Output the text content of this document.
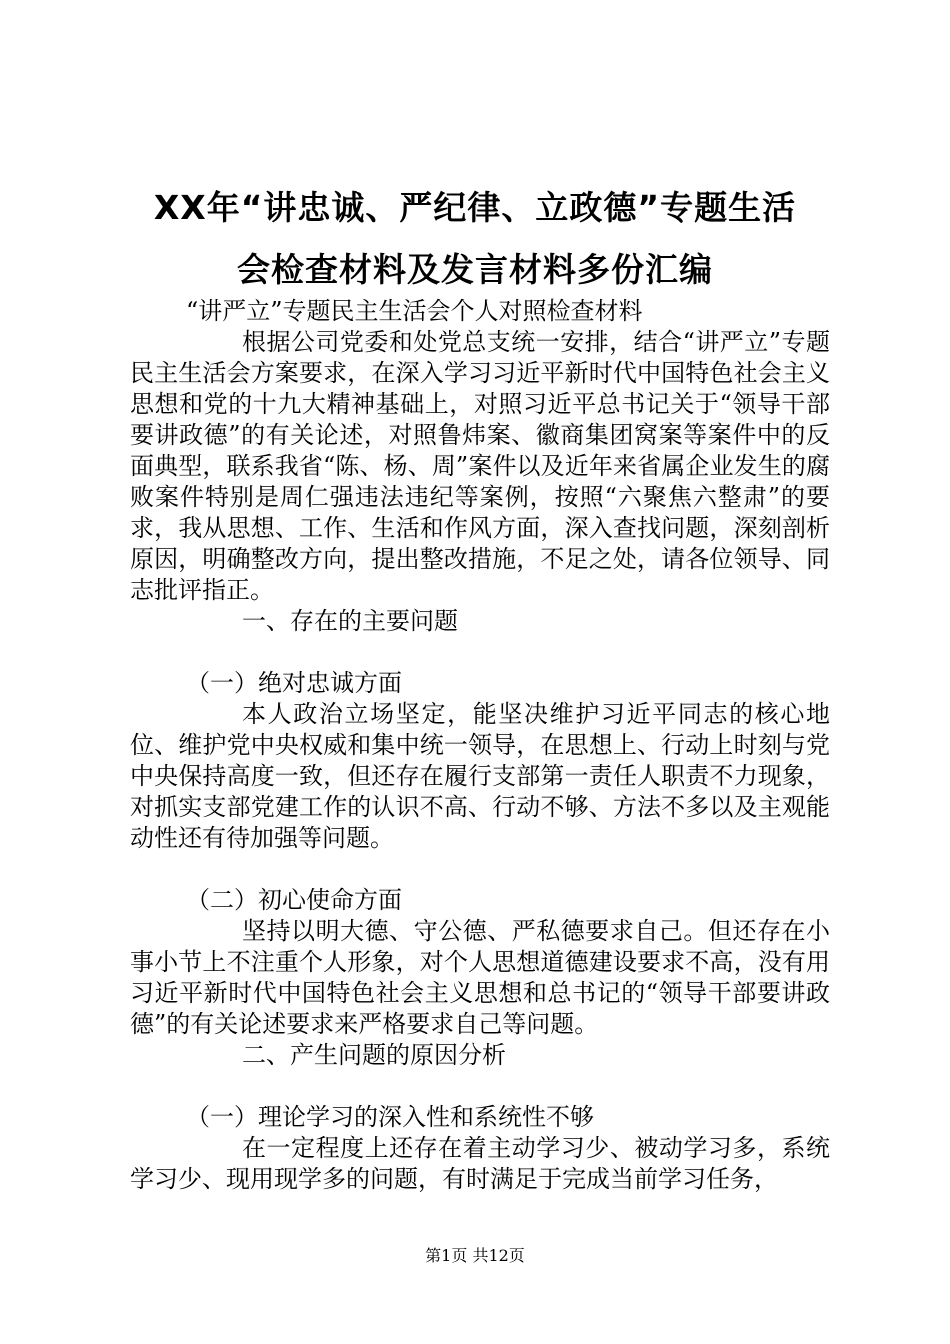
XX年“讲忠诚、严纪律、立政德”专题生活
会检查材料及发言材料多份汇编

“讲严立”专题民主生活会个人对照检查材料

根据公司党委和处党总支统一安排，结合“讲严立”专题民主生活会方案要求，在深入学习习近平新时代中国特色社会主义思想和党的十九大精神基础上，对照习近平总书记关于“领导干部要讲政德”的有关论述，对照鲁炜案、徽商集团窝案等案件中的反面典型，联系我省“陈、杨、周”案件以及近年来省属企业发生的腐败案件特别是周仁强违法违纪等案例，按照“六聚焦六整肃”的要求，我从思想、工作、生活和作风方面，深入查找问题，深刻剖析原因，明确整改方向，提出整改措施，不足之处，请各位领导、同志批评指正。

一、存在的主要问题

（一）绝对忠诚方面

本人政治立场坚定，能坚决维护习近平同志的核心地位、维护党中央权威和集中统一领导，在思想上、行动上时刻与党中央保持高度一致，但还存在履行支部第一责任人职责不力现象，对抓实支部党建工作的认识不高、行动不够、方法不多以及主观能动性还有待加强等问题。

（二）初心使命方面

坚持以明大德、守公德、严私德要求自己。但还存在小事小节上不注重个人形象，对个人思想道德建设要求不高，没有用习近平新时代中国特色社会主义思想和总书记的“领导干部要讲政德”的有关论述要求来严格要求自己等问题。

二、产生问题的原因分析

（一）理论学习的深入性和系统性不够

在一定程度上还存在着主动学习少、被动学习多，系统学习少、现用现学多的问题，有时满足于完成当前学习任务，

第1页 共12页
